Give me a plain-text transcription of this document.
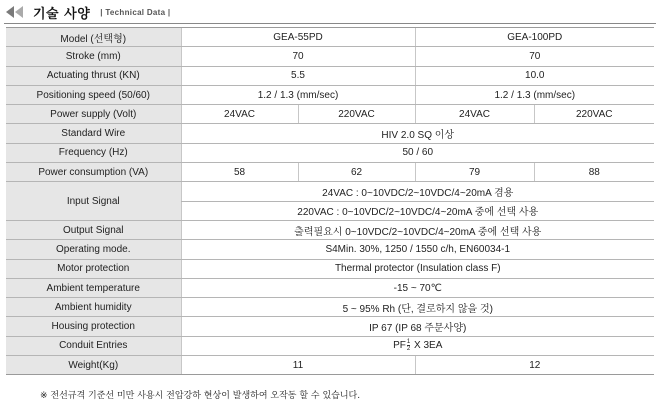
기술 사양 | Technical Data |
Model (선택형)	GEA-55PD		GEA-100PD	
Stroke (mm)	70		70	
Actuating thrust (KN)	5.5		10.0	
Positioning speed (50/60)	1.2 / 1.3 (mm/sec)		1.2 / 1.3 (mm/sec)	
Power supply (Volt)	24VAC	220VAC	24VAC	220VAC
Standard Wire	HIV 2.0 SQ 이상			
Frequency (Hz)	50 / 60			
Power consumption (VA)	58	62	79	88
Input Signal	24VAC : 0~10VDC/2~10VDC/4~20mA 겸용			
	220VAC : 0~10VDC/2~10VDC/4~20mA 중에 선택 사용			
Output Signal	출력필요시 0~10VDC/2~10VDC/4~20mA 중에 선택 사용			
Operating mode.	S4Min. 30%, 1250 / 1550 c/h, EN60034-1			
Motor protection	Thermal protector (Insulation class F)			
Ambient temperature	-15 ~ 70℃			
Ambient humidity	5 ~ 95% Rh (단, 결로하지 않을 것)			
Housing protection	IP 67 (IP 68 주문사양)			
Conduit Entries	PF $\frac{1}{2}$ X 3EA			
Weight(Kg)	11		12	
※ 전선규격 기준선 미만 사용시 전압강하 현상이 발생하여 오작동 할 수 있습니다.
